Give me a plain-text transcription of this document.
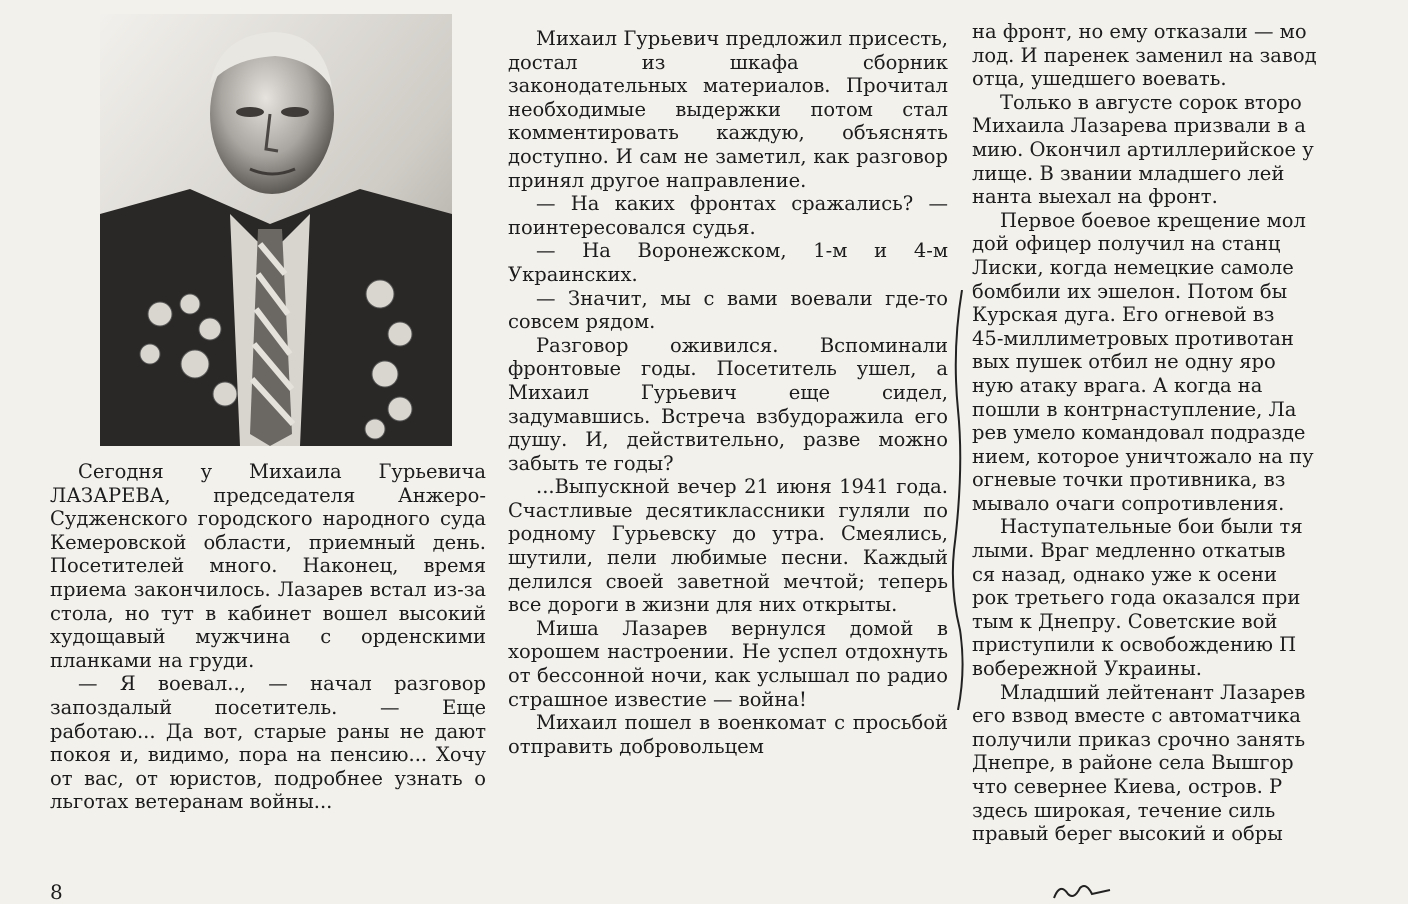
Сегодня у Михаила Гурьевича ЛАЗАРЕВА, председателя Анжеро-Судженского городского народного суда Кемеровской области, приемный день. Посетителей много. Наконец, время приема закончилось. Лазарев встал из-за стола, но тут в кабинет вошел высокий худощавый мужчина с орденскими планками на груди.

— Я воевал.., — начал разговор запоздалый посетитель. — Еще работаю... Да вот, старые раны не дают покоя и, видимо, пора на пенсию... Хочу от вас, от юристов, подробнее узнать о льготах ветеранам войны...

Михаил Гурьевич предложил присесть, достал из шкафа сборник законодательных материалов. Прочитал необходимые выдержки потом стал комментировать каждую, объяснять доступно. И сам не заметил, как разговор принял другое направление.

— На каких фронтах сражались? — поинтересовался судья.

— На Воронежском, 1-м и 4-м Украинских.

— Значит, мы с вами воевали где-то совсем рядом.

Разговор оживился. Вспоминали фронтовые годы. Посетитель ушел, а Михаил Гурьевич еще сидел, задумавшись. Встреча взбудоражила его душу. И, действительно, разве можно забыть те годы?

...Выпускной вечер 21 июня 1941 года. Счастливые десятиклассники гуляли по родному Гурьевску до утра. Смеялись, шутили, пели любимые песни. Каждый делился своей заветной мечтой; теперь все дороги в жизни для них открыты.

Миша Лазарев вернулся домой в хорошем настроении. Не успел отдохнуть от бессонной ночи, как услышал по радио страшное известие — война!

Михаил пошел в военкомат с просьбой отправить добровольцем

на фронт, но ему отказали — мо

лод. И паренек заменил на завод

отца, ушедшего воевать.

Только в августе сорок второ

Михаила Лазарева призвали в а

мию. Окончил артиллерийское у

лище. В звании младшего лей

нанта выехал на фронт.

Первое боевое крещение мол

дой офицер получил на станц

Лиски, когда немецкие самоле

бомбили их эшелон. Потом бы

Курская дуга. Его огневой вз

45-миллиметровых противотан

вых пушек отбил не одну яро

ную атаку врага. А когда на

пошли в контрнаступление, Ла

рев умело командовал подразде

нием, которое уничтожало на пу

огневые точки противника, вз

мывало очаги сопротивления.

Наступательные бои были тя

лыми. Враг медленно откатыв

ся назад, однако уже к осени

рок третьего года оказался при

тым к Днепру. Советские вой

приступили к освобождению П

вобережной Украины.

Младший лейтенант Лазарев

его взвод вместе с автоматчика

получили приказ срочно занять

Днепре, в районе села Вышгор

что севернее Киева, остров. Р

здесь широкая, течение силь

правый берег высокий и обры

8
